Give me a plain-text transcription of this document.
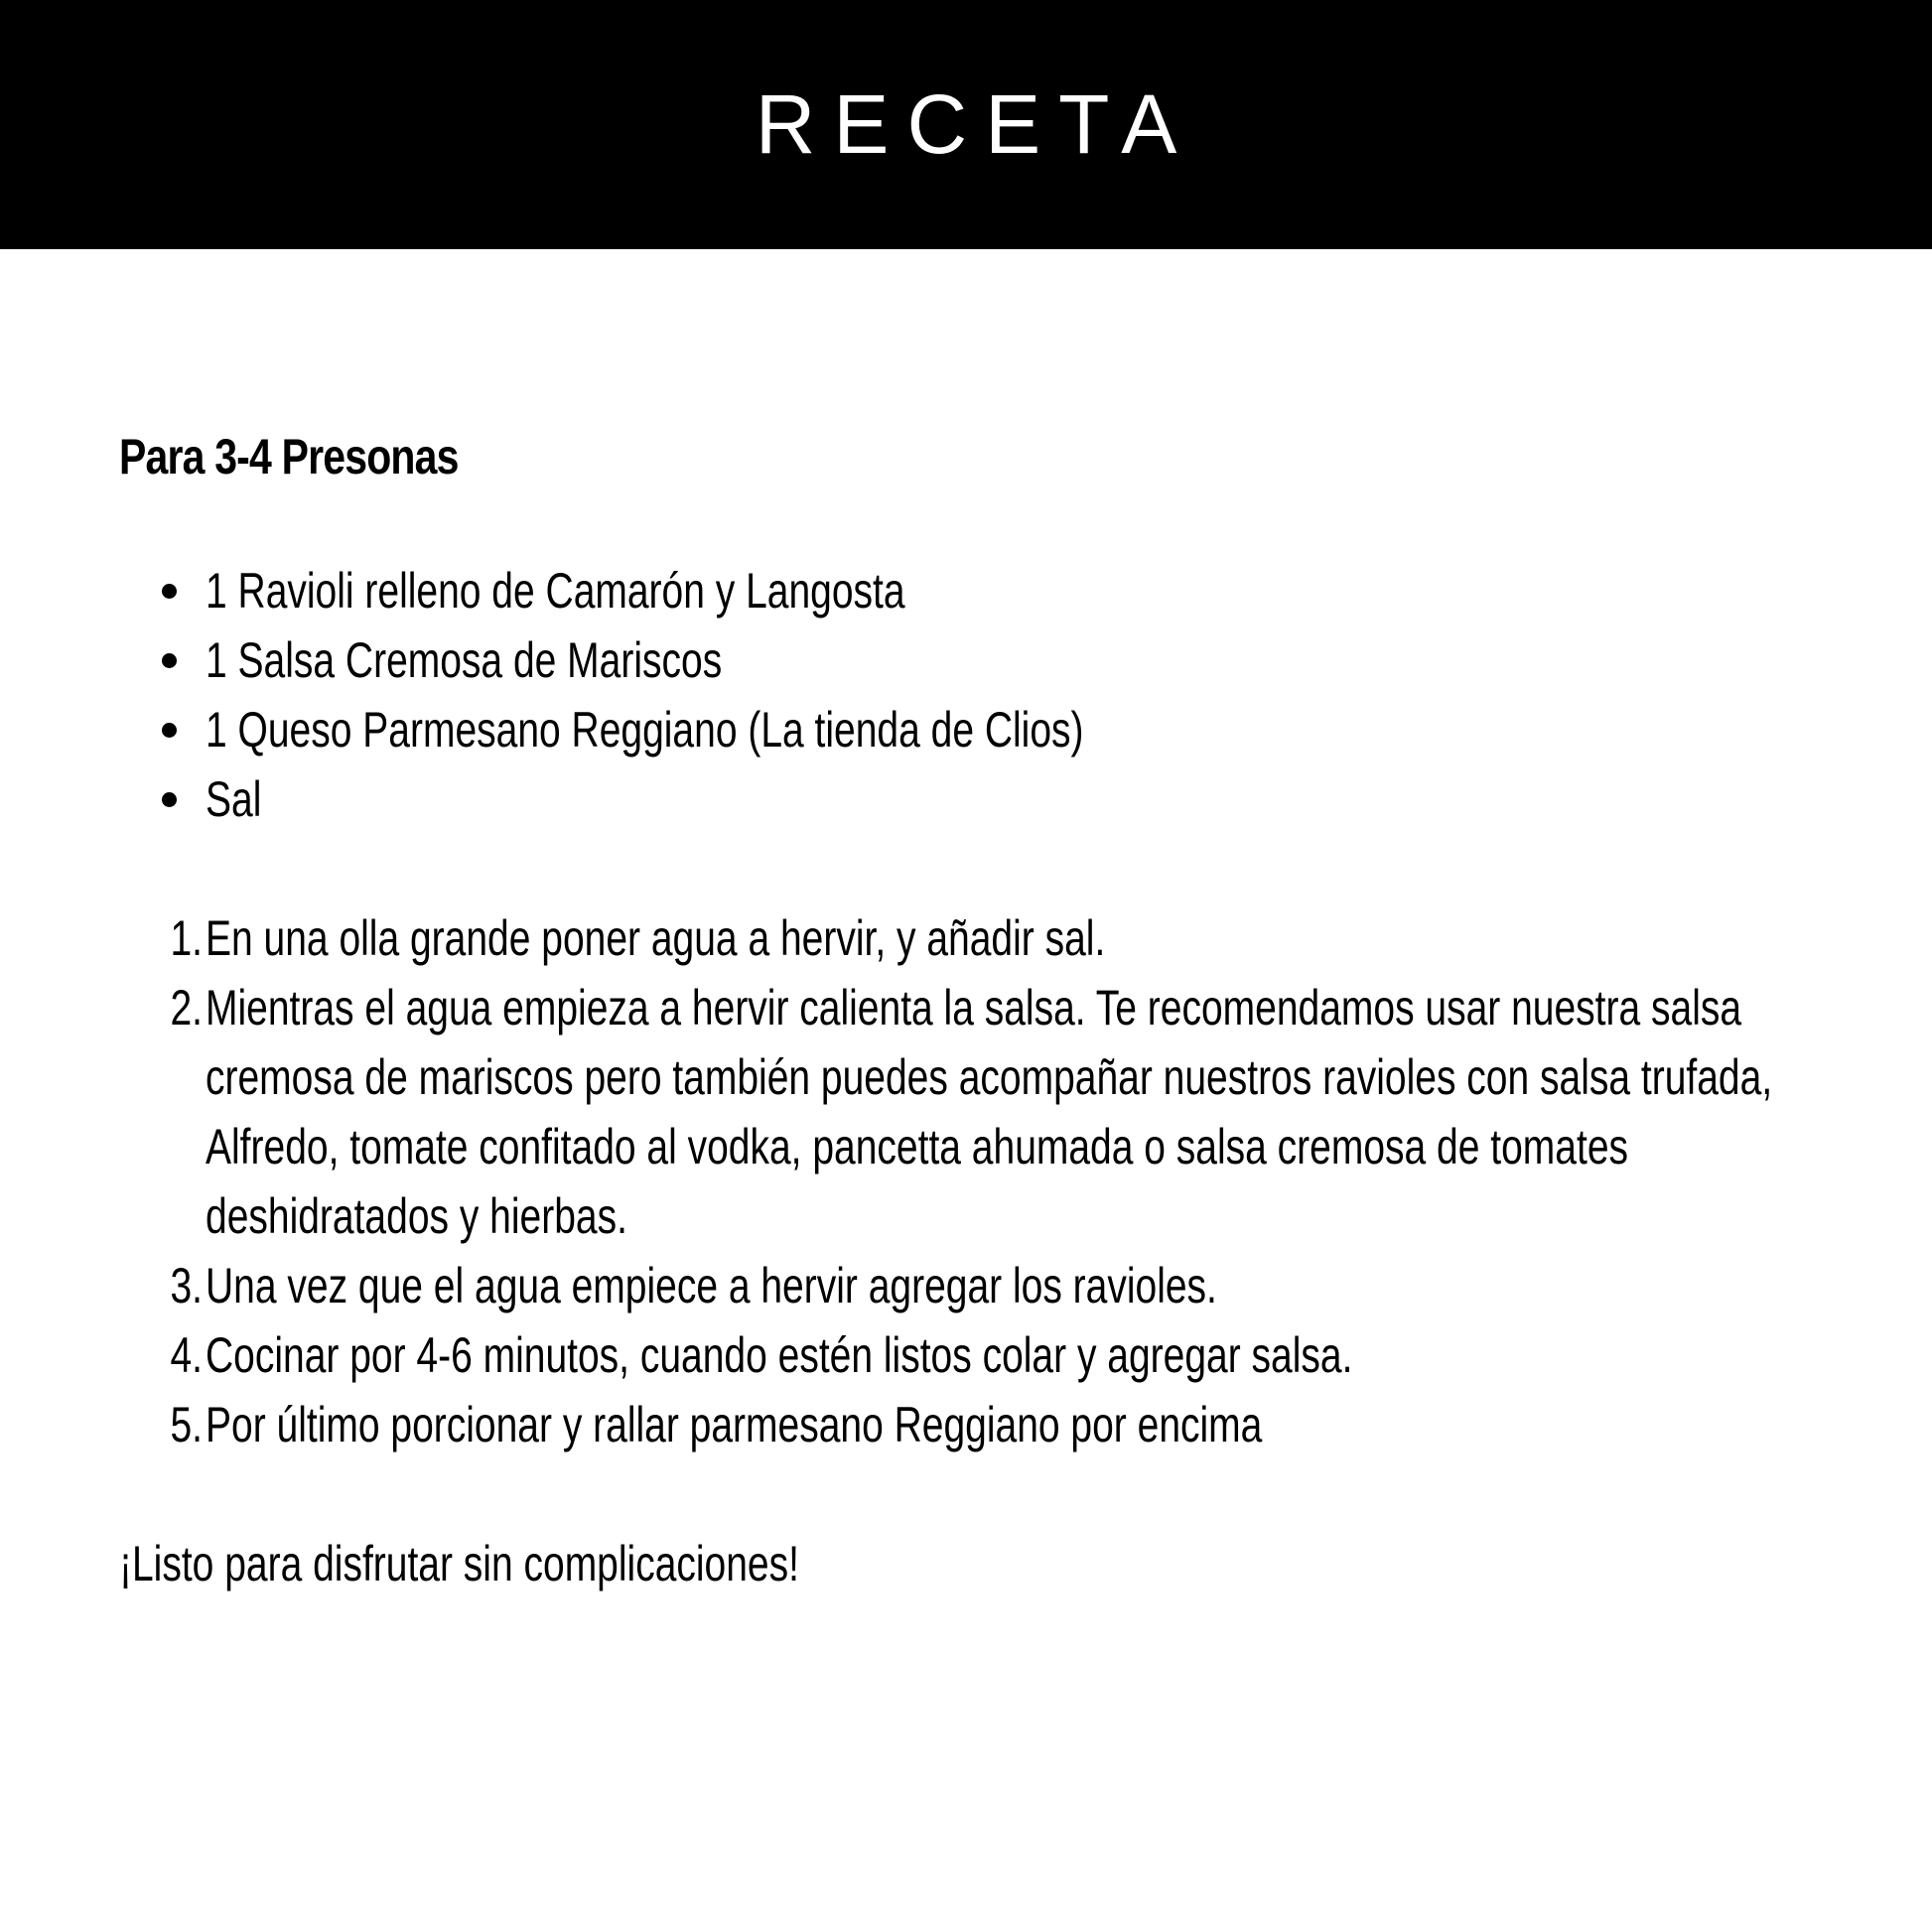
RECETA
Para 3-4 Presonas
1 Ravioli relleno de Camarón y Langosta
1 Salsa Cremosa de Mariscos
1 Queso Parmesano Reggiano (La tienda de Clios)
Sal
1. En una olla grande poner agua a hervir, y añadir sal.
2. Mientras el agua empieza a hervir calienta la salsa. Te recomendamos usar nuestra salsa cremosa de mariscos pero también puedes acompañar nuestros ravioles con salsa trufada, Alfredo, tomate confitado al vodka, pancetta ahumada o salsa cremosa de tomates deshidratados y hierbas.
3. Una vez que el agua empiece a hervir agregar los ravioles.
4. Cocinar por 4-6 minutos, cuando estén listos colar y agregar salsa.
5. Por último porcionar y rallar parmesano Reggiano por encima
¡Listo para disfrutar sin complicaciones!
